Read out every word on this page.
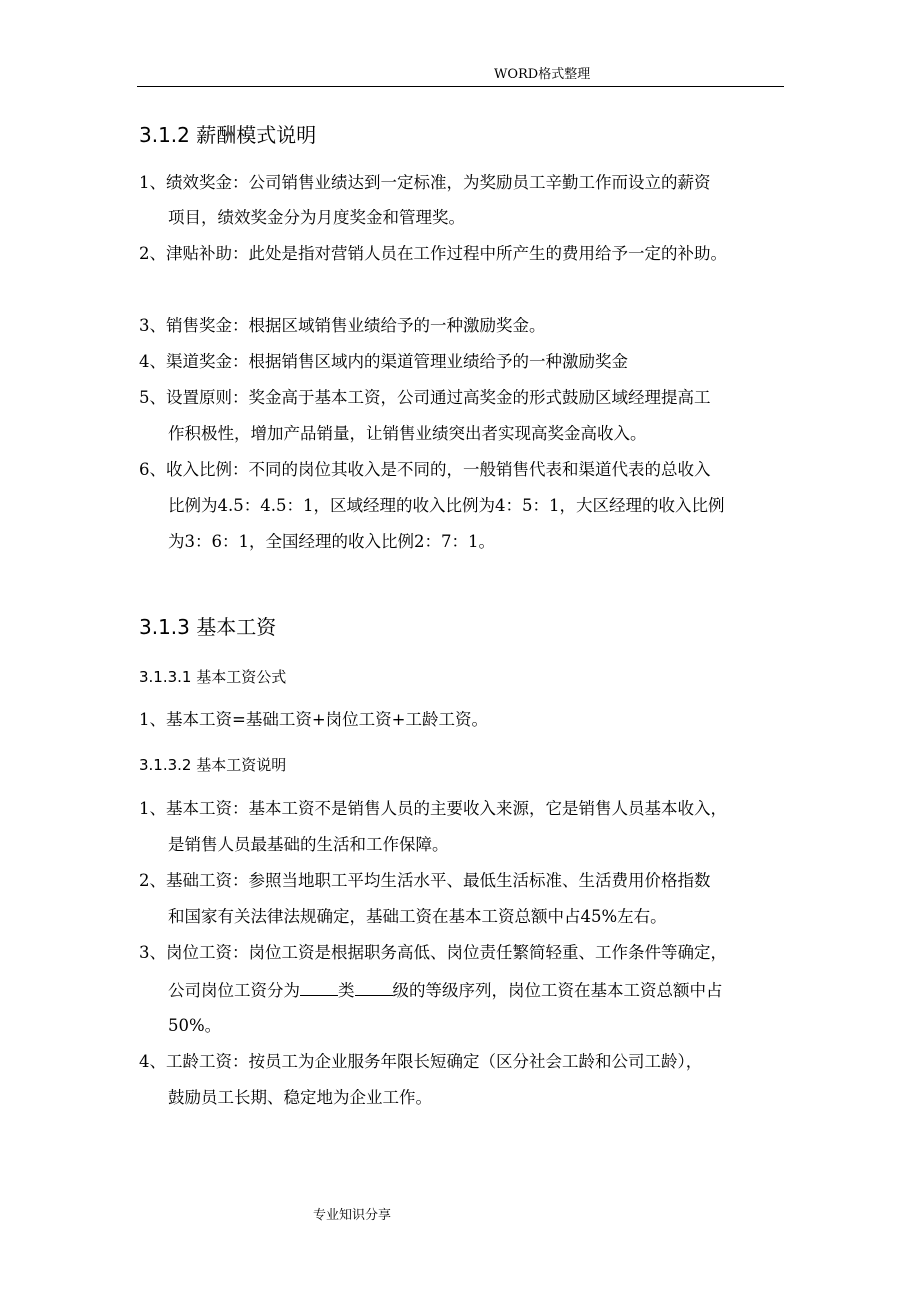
WORD格式整理
3.1.2 薪酬模式说明
1、绩效奖金：公司销售业绩达到一定标准，为奖励员工辛勤工作而设立的薪资
项目，绩效奖金分为月度奖金和管理奖。
2、津贴补助：此处是指对营销人员在工作过程中所产生的费用给予一定的补助。
3、销售奖金：根据区域销售业绩给予的一种激励奖金。
4、渠道奖金：根据销售区域内的渠道管理业绩给予的一种激励奖金
5、设置原则：奖金高于基本工资，公司通过高奖金的形式鼓励区域经理提高工
作积极性，增加产品销量，让销售业绩突出者实现高奖金高收入。
6、收入比例：不同的岗位其收入是不同的，一般销售代表和渠道代表的总收入
比例为4.5：4.5：1，区域经理的收入比例为4：5：1，大区经理的收入比例
为3：6：1，全国经理的收入比例2：7：1。
3.1.3 基本工资
3.1.3.1 基本工资公式
1、基本工资=基础工资+岗位工资+工龄工资。
3.1.3.2 基本工资说明
1、基本工资：基本工资不是销售人员的主要收入来源，它是销售人员基本收入，
是销售人员最基础的生活和工作保障。
2、基础工资：参照当地职工平均生活水平、最低生活标准、生活费用价格指数
和国家有关法律法规确定，基础工资在基本工资总额中占45%左右。
3、岗位工资：岗位工资是根据职务高低、岗位责任繁简轻重、工作条件等确定，
公司岗位工资分为 类 级的等级序列，岗位工资在基本工资总额中占
50%。
4、工龄工资：按员工为企业服务年限长短确定（区分社会工龄和公司工龄），
鼓励员工长期、稳定地为企业工作。
专业知识分享
